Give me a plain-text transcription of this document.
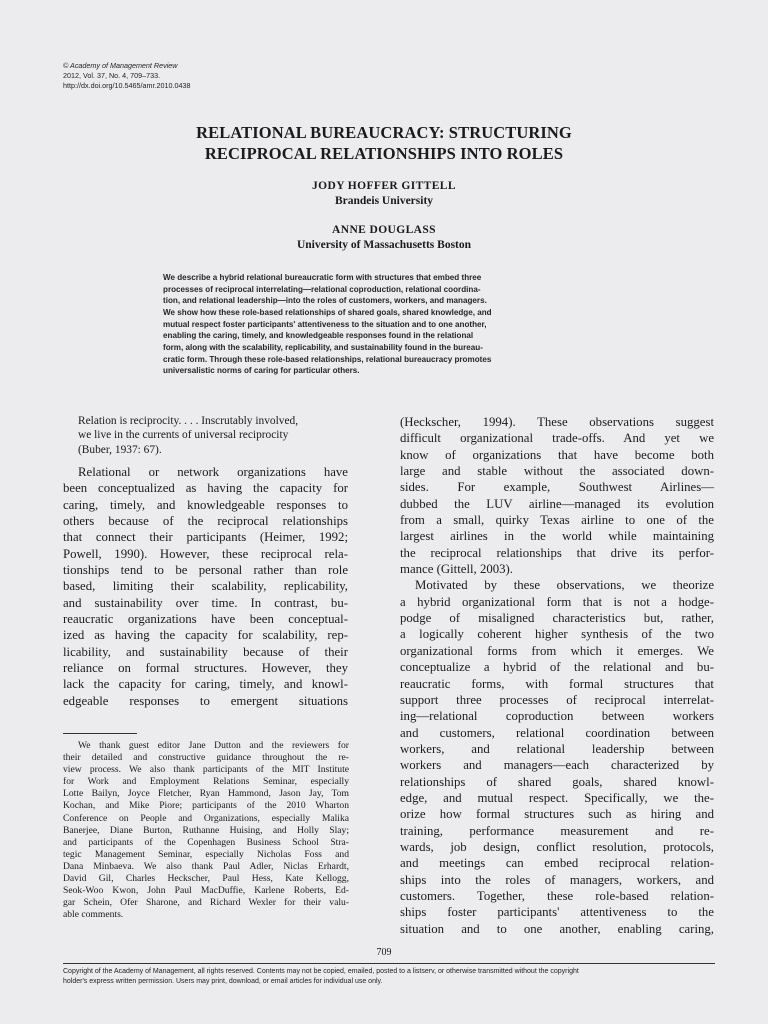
© Academy of Management Review
2012, Vol. 37, No. 4, 709–733.
http://dx.doi.org/10.5465/amr.2010.0438
RELATIONAL BUREAUCRACY: STRUCTURING
RECIPROCAL RELATIONSHIPS INTO ROLES
JODY HOFFER GITTELL
Brandeis University
ANNE DOUGLASS
University of Massachusetts Boston
We describe a hybrid relational bureaucratic form with structures that embed three
processes of reciprocal interrelating—relational coproduction, relational coordina-
tion, and relational leadership—into the roles of customers, workers, and managers.
We show how these role-based relationships of shared goals, shared knowledge, and
mutual respect foster participants' attentiveness to the situation and to one another,
enabling the caring, timely, and knowledgeable responses found in the relational
form, along with the scalability, replicability, and sustainability found in the bureau-
cratic form. Through these role-based relationships, relational bureaucracy promotes
universalistic norms of caring for particular others.
Relation is reciprocity. . . . Inscrutably involved,
we live in the currents of universal reciprocity
(Buber, 1937: 67).
Relational or network organizations have
been conceptualized as having the capacity for
caring, timely, and knowledgeable responses to
others because of the reciprocal relationships
that connect their participants (Heimer, 1992;
Powell, 1990). However, these reciprocal rela-
tionships tend to be personal rather than role
based, limiting their scalability, replicability,
and sustainability over time. In contrast, bu-
reaucratic organizations have been conceptual-
ized as having the capacity for scalability, rep-
licability, and sustainability because of their
reliance on formal structures. However, they
lack the capacity for caring, timely, and knowl-
edgeable responses to emergent situations
We thank guest editor Jane Dutton and the reviewers for
their detailed and constructive guidance throughout the re-
view process. We also thank participants of the MIT Institute
for Work and Employment Relations Seminar, especially
Lotte Bailyn, Joyce Fletcher, Ryan Hammond, Jason Jay, Tom
Kochan, and Mike Piore; participants of the 2010 Wharton
Conference on People and Organizations, especially Malika
Banerjee, Diane Burton, Ruthanne Huising, and Holly Slay;
and participants of the Copenhagen Business School Stra-
tegic Management Seminar, especially Nicholas Foss and
Dana Minbaeva. We also thank Paul Adler, Niclas Erhardt,
David Gil, Charles Heckscher, Paul Hess, Kate Kellogg,
Seok-Woo Kwon, John Paul MacDuffie, Karlene Roberts, Ed-
gar Schein, Ofer Sharone, and Richard Wexler for their valu-
able comments.
(Heckscher, 1994). These observations suggest
difficult organizational trade-offs. And yet we
know of organizations that have become both
large and stable without the associated down-
sides. For example, Southwest Airlines—
dubbed the LUV airline—managed its evolution
from a small, quirky Texas airline to one of the
largest airlines in the world while maintaining
the reciprocal relationships that drive its perfor-
mance (Gittell, 2003).
Motivated by these observations, we theorize
a hybrid organizational form that is not a hodge-
podge of misaligned characteristics but, rather,
a logically coherent higher synthesis of the two
organizational forms from which it emerges. We
conceptualize a hybrid of the relational and bu-
reaucratic forms, with formal structures that
support three processes of reciprocal interrelat-
ing—relational coproduction between workers
and customers, relational coordination between
workers, and relational leadership between
workers and managers—each characterized by
relationships of shared goals, shared knowl-
edge, and mutual respect. Specifically, we the-
orize how formal structures such as hiring and
training, performance measurement and re-
wards, job design, conflict resolution, protocols,
and meetings can embed reciprocal relation-
ships into the roles of managers, workers, and
customers. Together, these role-based relation-
ships foster participants' attentiveness to the
situation and to one another, enabling caring,
709
Copyright of the Academy of Management, all rights reserved. Contents may not be copied, emailed, posted to a listserv, or otherwise transmitted without the copyright
holder's express written permission. Users may print, download, or email articles for individual use only.
